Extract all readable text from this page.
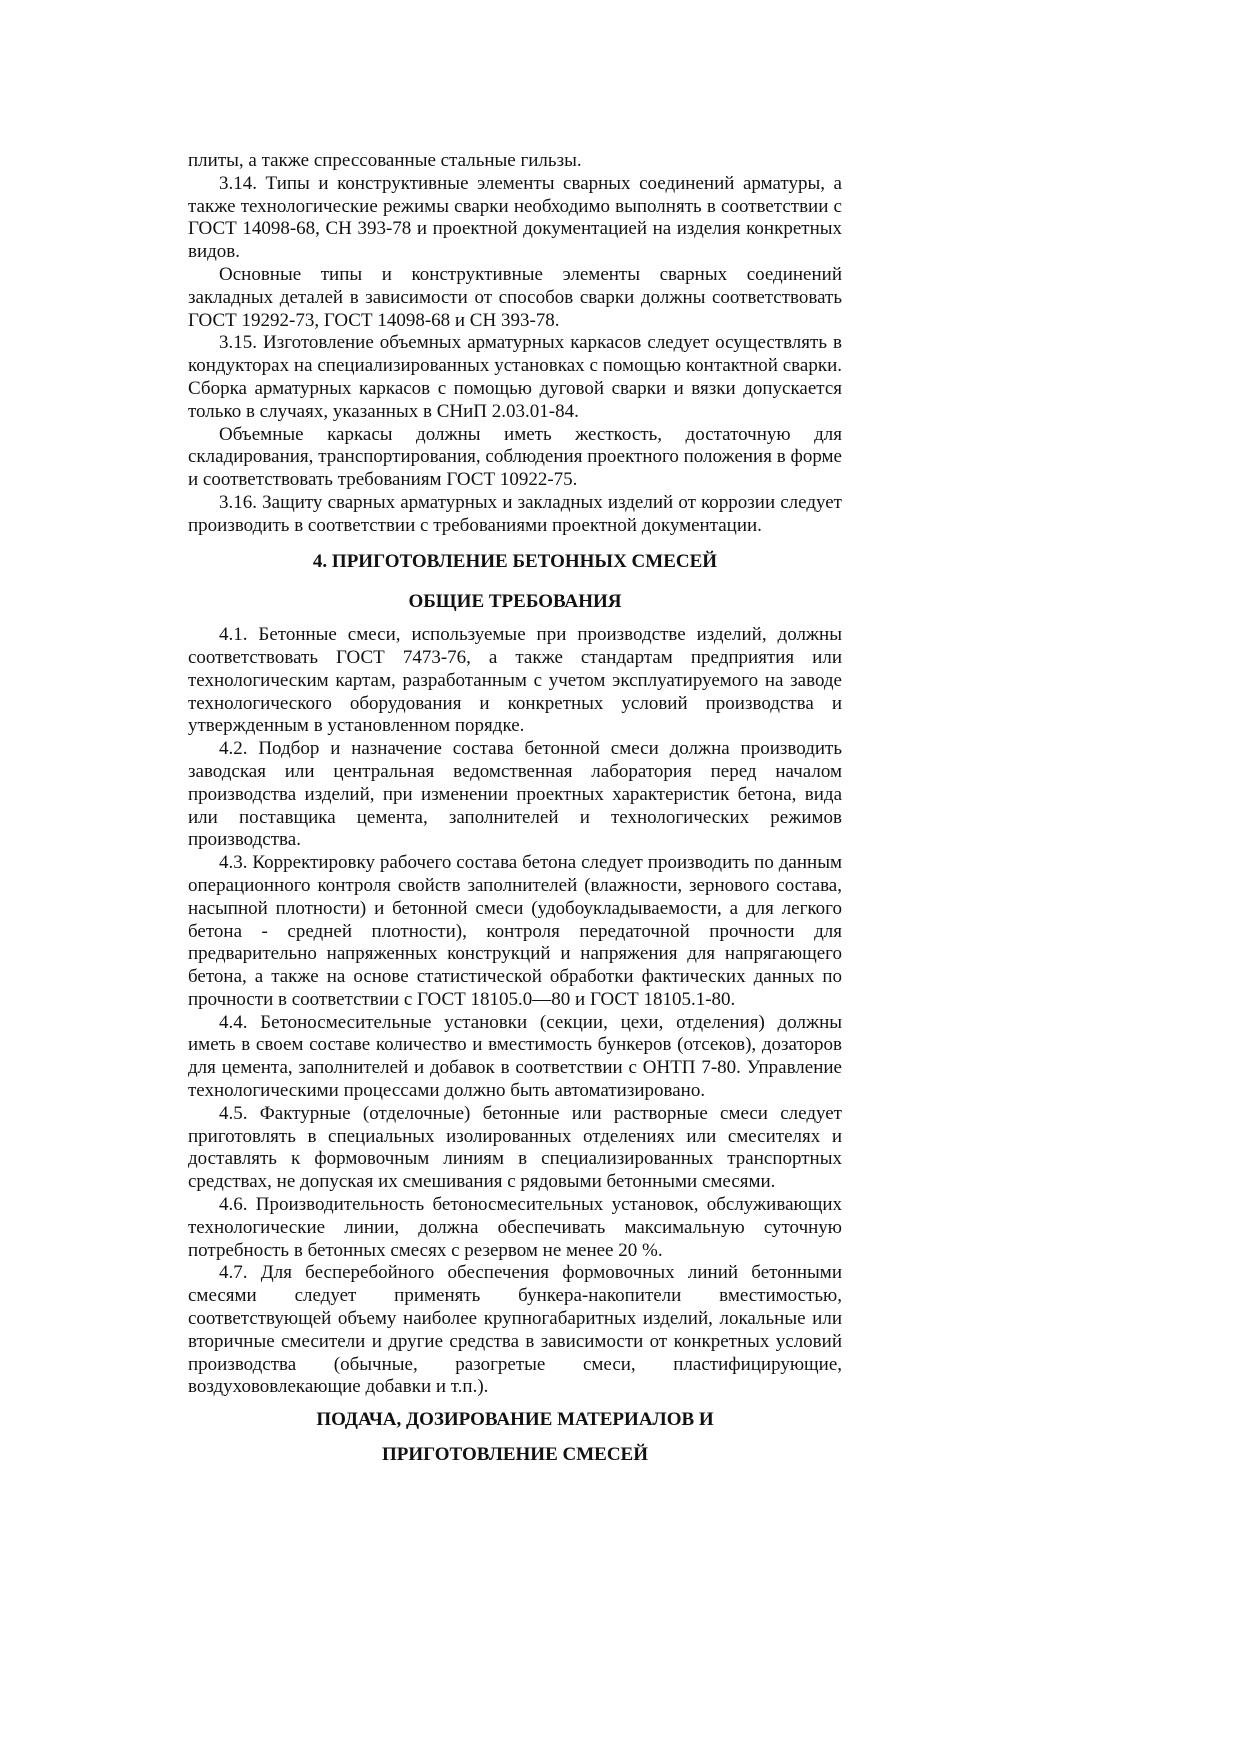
плиты, а также спрессованные стальные гильзы.

3.14. Типы и конструктивные элементы сварных соединений арматуры, а также технологические режимы сварки необходимо выполнять в соответствии с ГОСТ 14098-68, СН 393-78 и проектной документацией на изделия конкретных видов.

Основные типы и конструктивные элементы сварных соединений закладных деталей в зависимости от способов сварки должны соответствовать ГОСТ 19292-73, ГОСТ 14098-68 и СН 393-78.

3.15. Изготовление объемных арматурных каркасов следует осуществлять в кондукторах на специализированных установках с помощью контактной сварки. Сборка арматурных каркасов с помощью дуговой сварки и вязки допускается только в случаях, указанных в СНиП 2.03.01-84.

Объемные каркасы должны иметь жесткость, достаточную для складирования, транспортирования, соблюдения проектного положения в форме и соответствовать требованиям ГОСТ 10922-75.

3.16. Защиту сварных арматурных и закладных изделий от коррозии следует производить в соответствии с требованиями проектной документации.

4. ПРИГОТОВЛЕНИЕ БЕТОННЫХ СМЕСЕЙ
ОБЩИЕ ТРЕБОВАНИЯ

4.1. Бетонные смеси, используемые при производстве изделий, должны соответствовать ГОСТ 7473-76, а также стандартам предприятия или технологическим картам, разработанным с учетом эксплуатируемого на заводе технологического оборудования и конкретных условий производства и утвержденным в установленном порядке.

4.2. Подбор и назначение состава бетонной смеси должна производить заводская или центральная ведомственная лаборатория перед началом производства изделий, при изменении проектных характеристик бетона, вида или поставщика цемента, заполнителей и технологических режимов производства.

4.3. Корректировку рабочего состава бетона следует производить по данным операционного контроля свойств заполнителей (влажности, зернового состава, насыпной плотности) и бетонной смеси (удобоукладываемости, а для легкого бетона - средней плотности), контроля передаточной прочности для предварительно напряженных конструкций и напряжения для напрягающего бетона, а также на основе статистической обработки фактических данных по прочности в соответствии с ГОСТ 18105.0—80 и ГОСТ 18105.1-80.

4.4. Бетоносмесительные установки (секции, цехи, отделения) должны иметь в своем составе количество и вместимость бункеров (отсеков), дозаторов для цемента, заполнителей и добавок в соответствии с ОНТП 7-80. Управление технологическими процессами должно быть автоматизировано.

4.5. Фактурные (отделочные) бетонные или растворные смеси следует приготовлять в специальных изолированных отделениях или смесителях и доставлять к формовочным линиям в специализированных транспортных средствах, не допуская их смешивания с рядовыми бетонными смесями.

4.6. Производительность бетоносмесительных установок, обслуживающих технологические линии, должна обеспечивать максимальную суточную потребность в бетонных смесях с резервом не менее 20 %.

4.7. Для бесперебойного обеспечения формовочных линий бетонными смесями следует применять бункера-накопители вместимостью, соответствующей объему наиболее крупногабаритных изделий, локальные или вторичные смесители и другие средства в зависимости от конкретных условий производства (обычные, разогретые смеси, пластифицирующие, воздухововлекающие добавки и т.п.).

ПОДАЧА, ДОЗИРОВАНИЕ МАТЕРИАЛОВ И
ПРИГОТОВЛЕНИЕ СМЕСЕЙ
